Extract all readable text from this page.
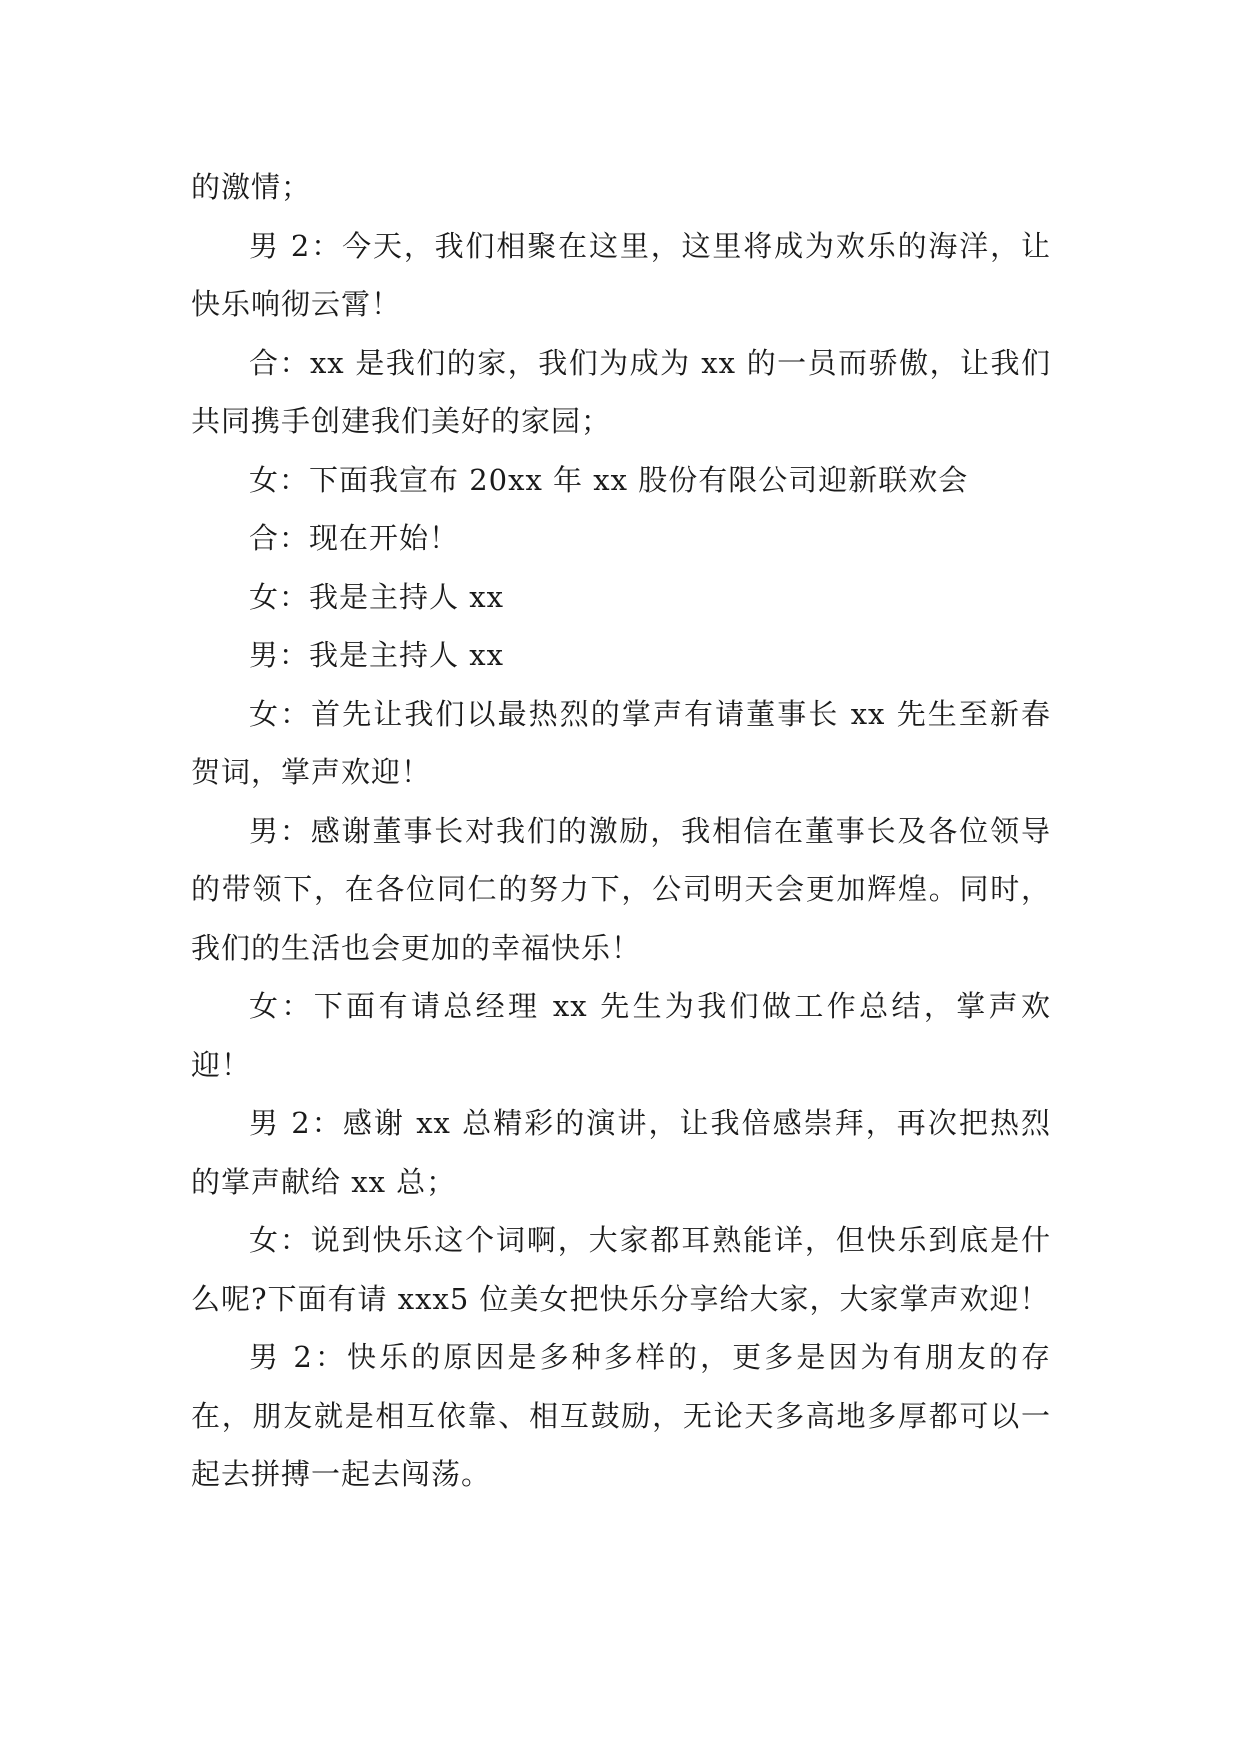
的激情；

男 2：今天，我们相聚在这里，这里将成为欢乐的海洋，让快乐响彻云霄！

合：xx 是我们的家，我们为成为 xx 的一员而骄傲，让我们共同携手创建我们美好的家园；

女：下面我宣布 20xx 年 xx 股份有限公司迎新联欢会

合：现在开始！

女：我是主持人 xx

男：我是主持人 xx

女：首先让我们以最热烈的掌声有请董事长 xx 先生至新春贺词，掌声欢迎！

男：感谢董事长对我们的激励，我相信在董事长及各位领导的带领下，在各位同仁的努力下，公司明天会更加辉煌。同时，我们的生活也会更加的幸福快乐！

女：下面有请总经理 xx 先生为我们做工作总结，掌声欢迎！

男 2：感谢 xx 总精彩的演讲，让我倍感崇拜，再次把热烈的掌声献给 xx 总；

女：说到快乐这个词啊，大家都耳熟能详，但快乐到底是什么呢?下面有请 xxx5 位美女把快乐分享给大家，大家掌声欢迎！

男 2：快乐的原因是多种多样的，更多是因为有朋友的存在，朋友就是相互依靠、相互鼓励，无论天多高地多厚都可以一起去拼搏一起去闯荡。
